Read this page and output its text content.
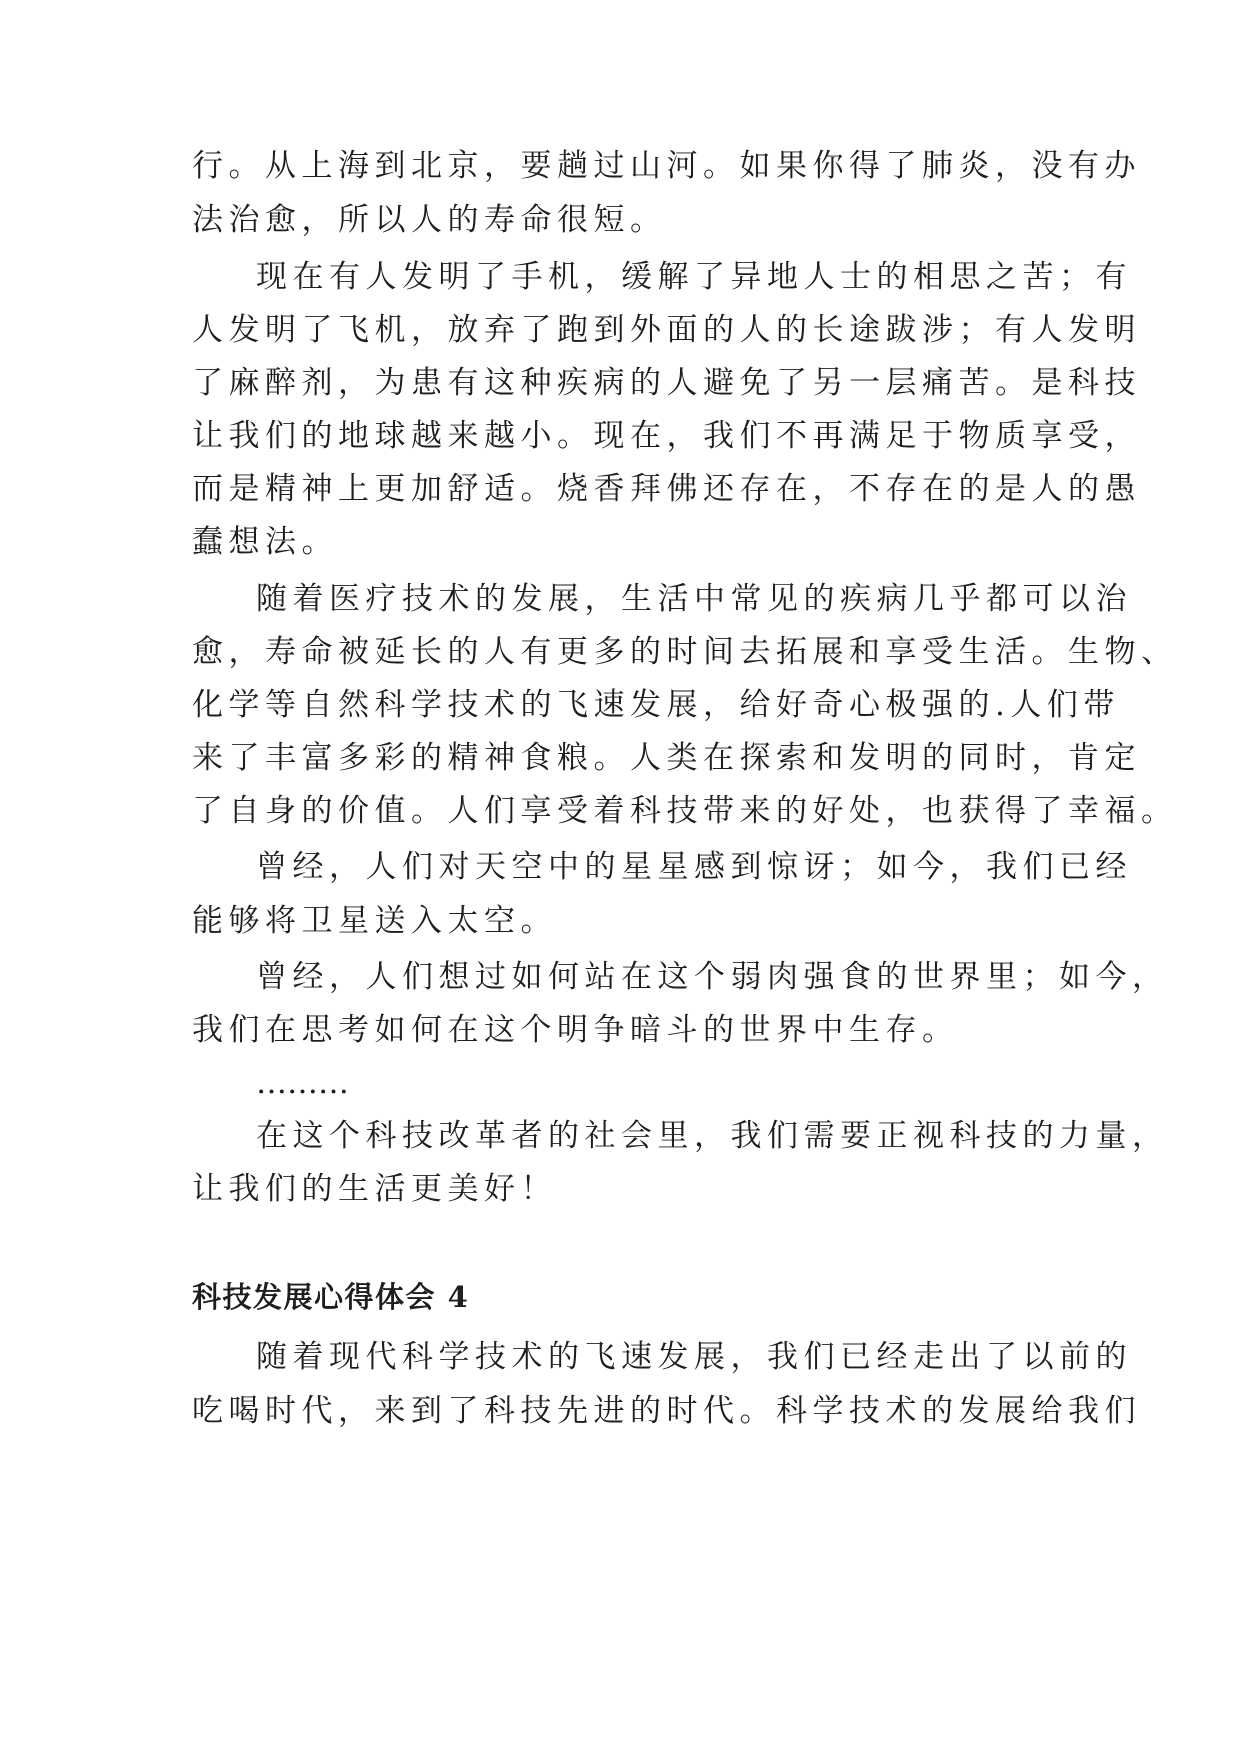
行。从上海到北京，要趟过山河。如果你得了肺炎，没有办

法治愈，所以人的寿命很短。

现在有人发明了手机，缓解了异地人士的相思之苦；有

人发明了飞机，放弃了跑到外面的人的长途跋涉；有人发明

了麻醉剂，为患有这种疾病的人避免了另一层痛苦。是科技

让我们的地球越来越小。现在，我们不再满足于物质享受，

而是精神上更加舒适。烧香拜佛还存在，不存在的是人的愚

蠢想法。

随着医疗技术的发展，生活中常见的疾病几乎都可以治

愈，寿命被延长的人有更多的时间去拓展和享受生活。生物、

化学等自然科学技术的飞速发展，给好奇心极强的.人们带

来了丰富多彩的精神食粮。人类在探索和发明的同时，肯定

了自身的价值。人们享受着科技带来的好处，也获得了幸福。

曾经，人们对天空中的星星感到惊讶；如今，我们已经

能够将卫星送入太空。

曾经，人们想过如何站在这个弱肉强食的世界里；如今，

我们在思考如何在这个明争暗斗的世界中生存。

………

在这个科技改革者的社会里，我们需要正视科技的力量，

让我们的生活更美好！

科技发展心得体会 4

随着现代科学技术的飞速发展，我们已经走出了以前的

吃喝时代，来到了科技先进的时代。科学技术的发展给我们
